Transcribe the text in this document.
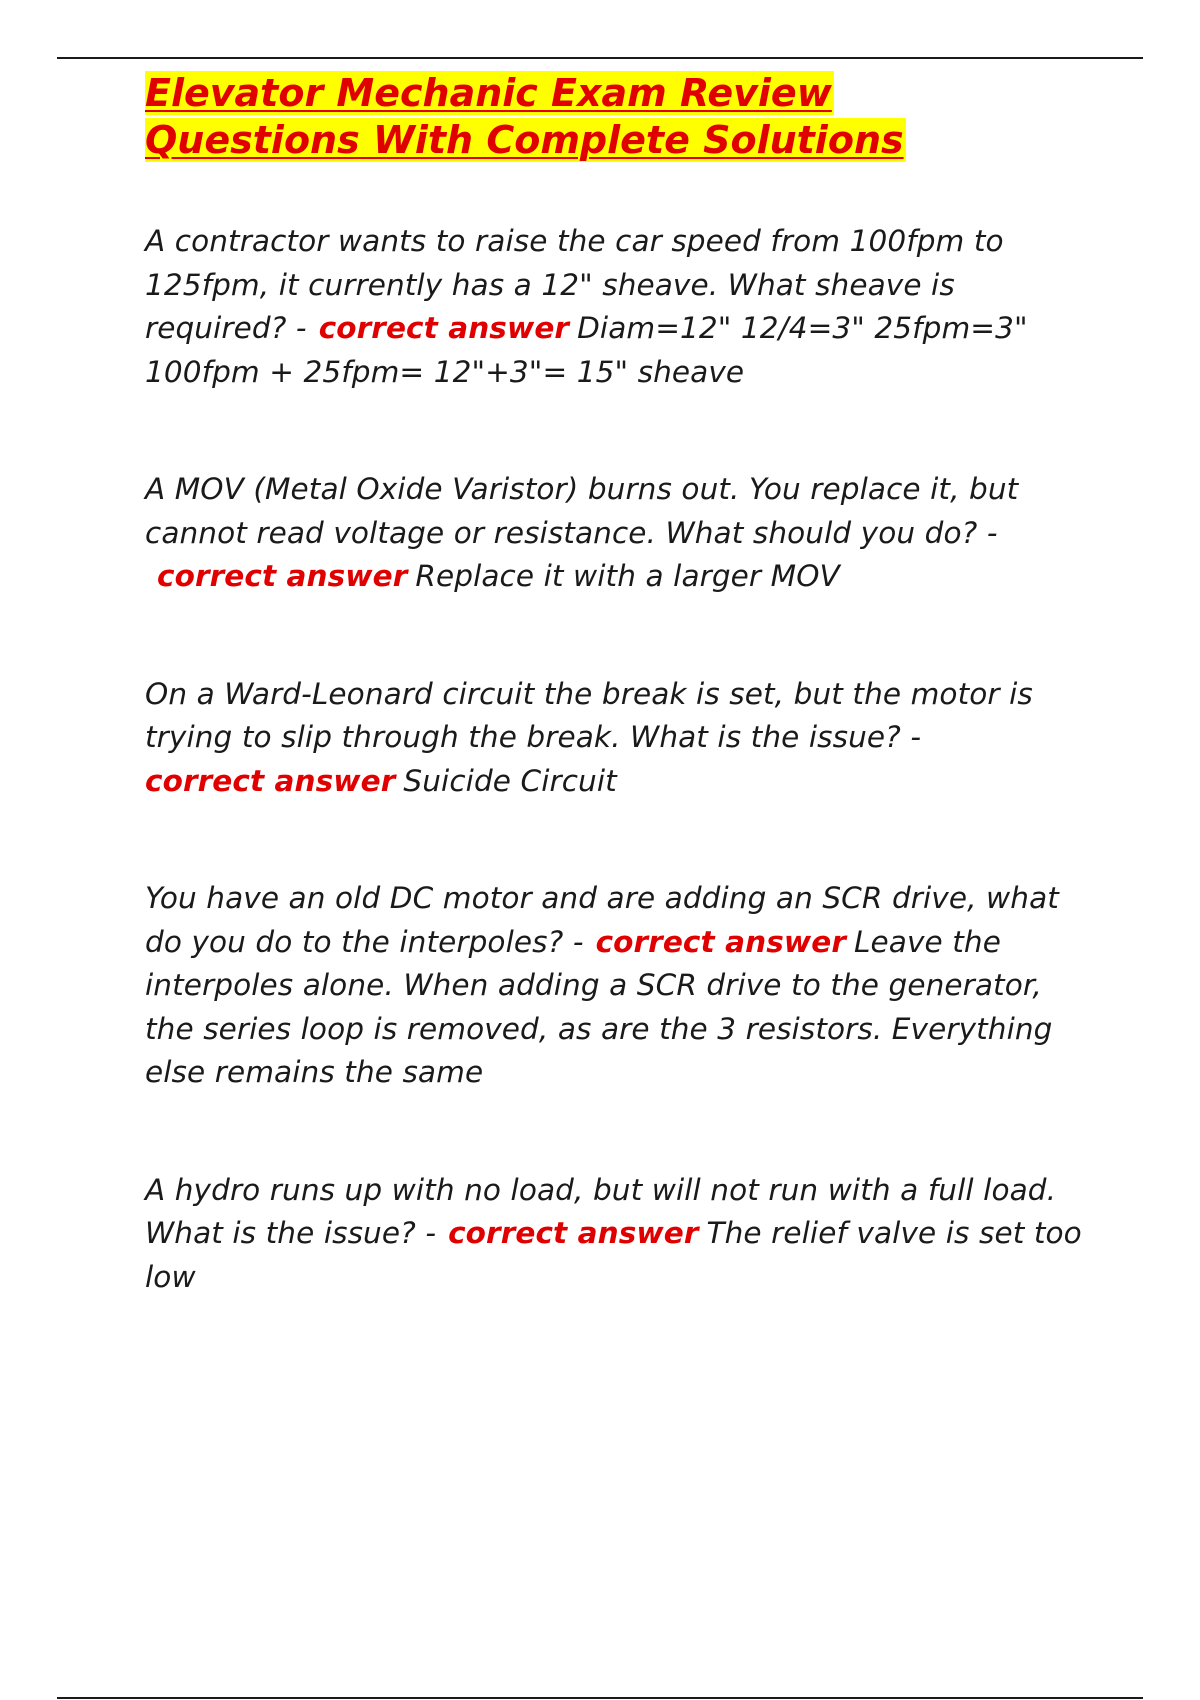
Elevator Mechanic Exam Review
Questions With Complete Solutions

A contractor wants to raise the car speed from 100fpm to 125fpm, it currently has a 12" sheave. What sheave is required? - correct answer Diam=12" 12/4=3" 25fpm=3" 100fpm + 25fpm= 12"+3"= 15" sheave

A MOV (Metal Oxide Varistor) burns out. You replace it, but cannot read voltage or resistance. What should you do? -correct answer Replace it with a larger MOV

On a Ward-Leonard circuit the break is set, but the motor is trying to slip through the break. What is the issue? -
correct answer Suicide Circuit

You have an old DC motor and are adding an SCR drive, what do you do to the interpoles? - correct answer Leave the interpoles alone. When adding a SCR drive to the generator, the series loop is removed, as are the 3 resistors. Everything else remains the same

A hydro runs up with no load, but will not run with a full load. What is the issue? - correct answer The relief valve is set too low
